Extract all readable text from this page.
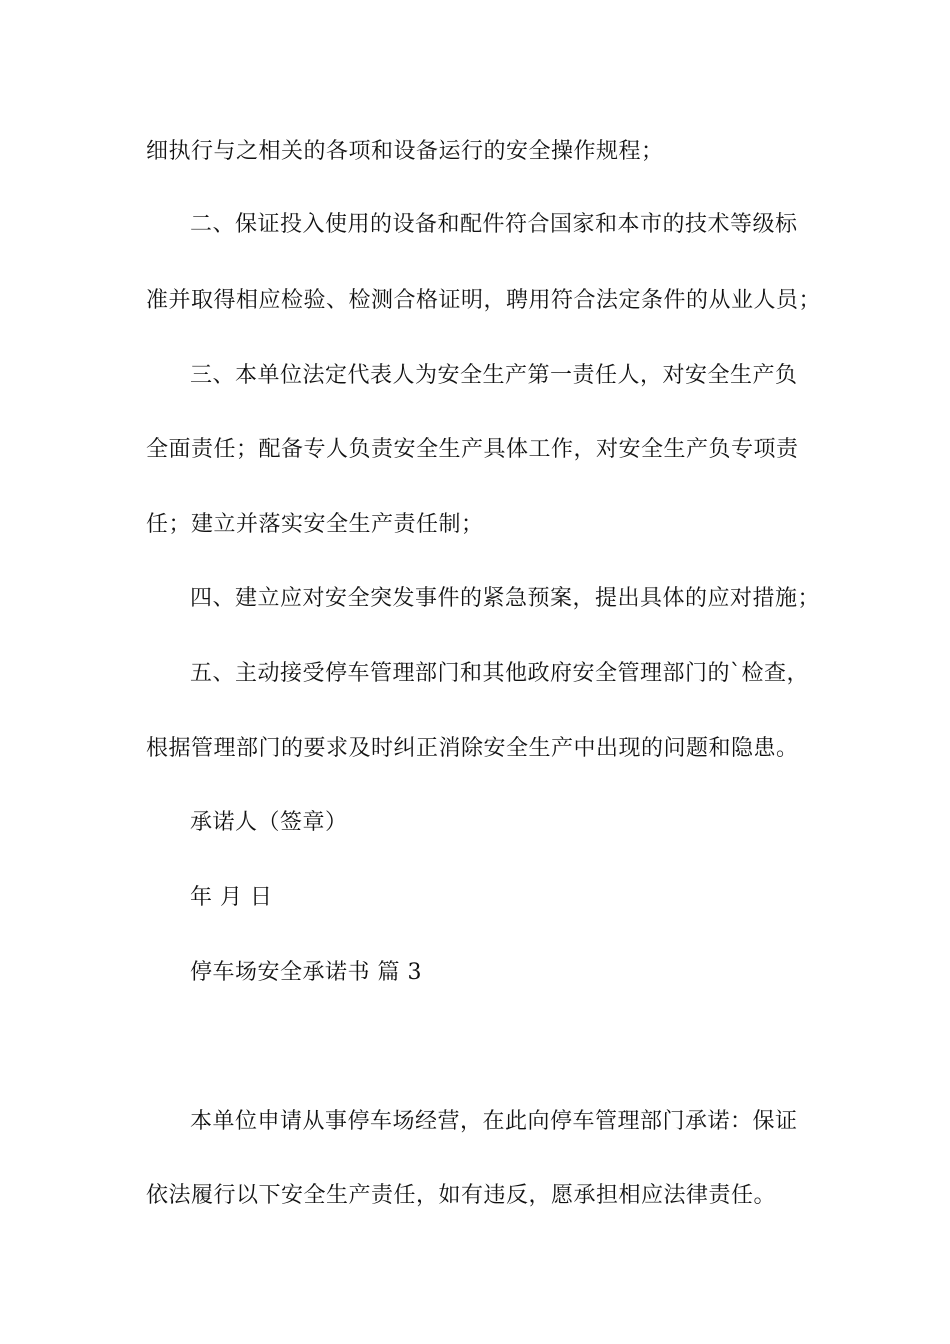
细执行与之相关的各项和设备运行的安全操作规程；
二、保证投入使用的设备和配件符合国家和本市的技术等级标
准并取得相应检验、检测合格证明，聘用符合法定条件的从业人员；
三、本单位法定代表人为安全生产第一责任人，对安全生产负
全面责任；配备专人负责安全生产具体工作，对安全生产负专项责
任；建立并落实安全生产责任制；
四、建立应对安全突发事件的紧急预案，提出具体的应对措施；
五、主动接受停车管理部门和其他政府安全管理部门的`检查，
根据管理部门的要求及时纠正消除安全生产中出现的问题和隐患。
承诺人（签章）
年 月 日
停车场安全承诺书 篇 3
本单位申请从事停车场经营，在此向停车管理部门承诺：保证
依法履行以下安全生产责任，如有违反，愿承担相应法律责任。
